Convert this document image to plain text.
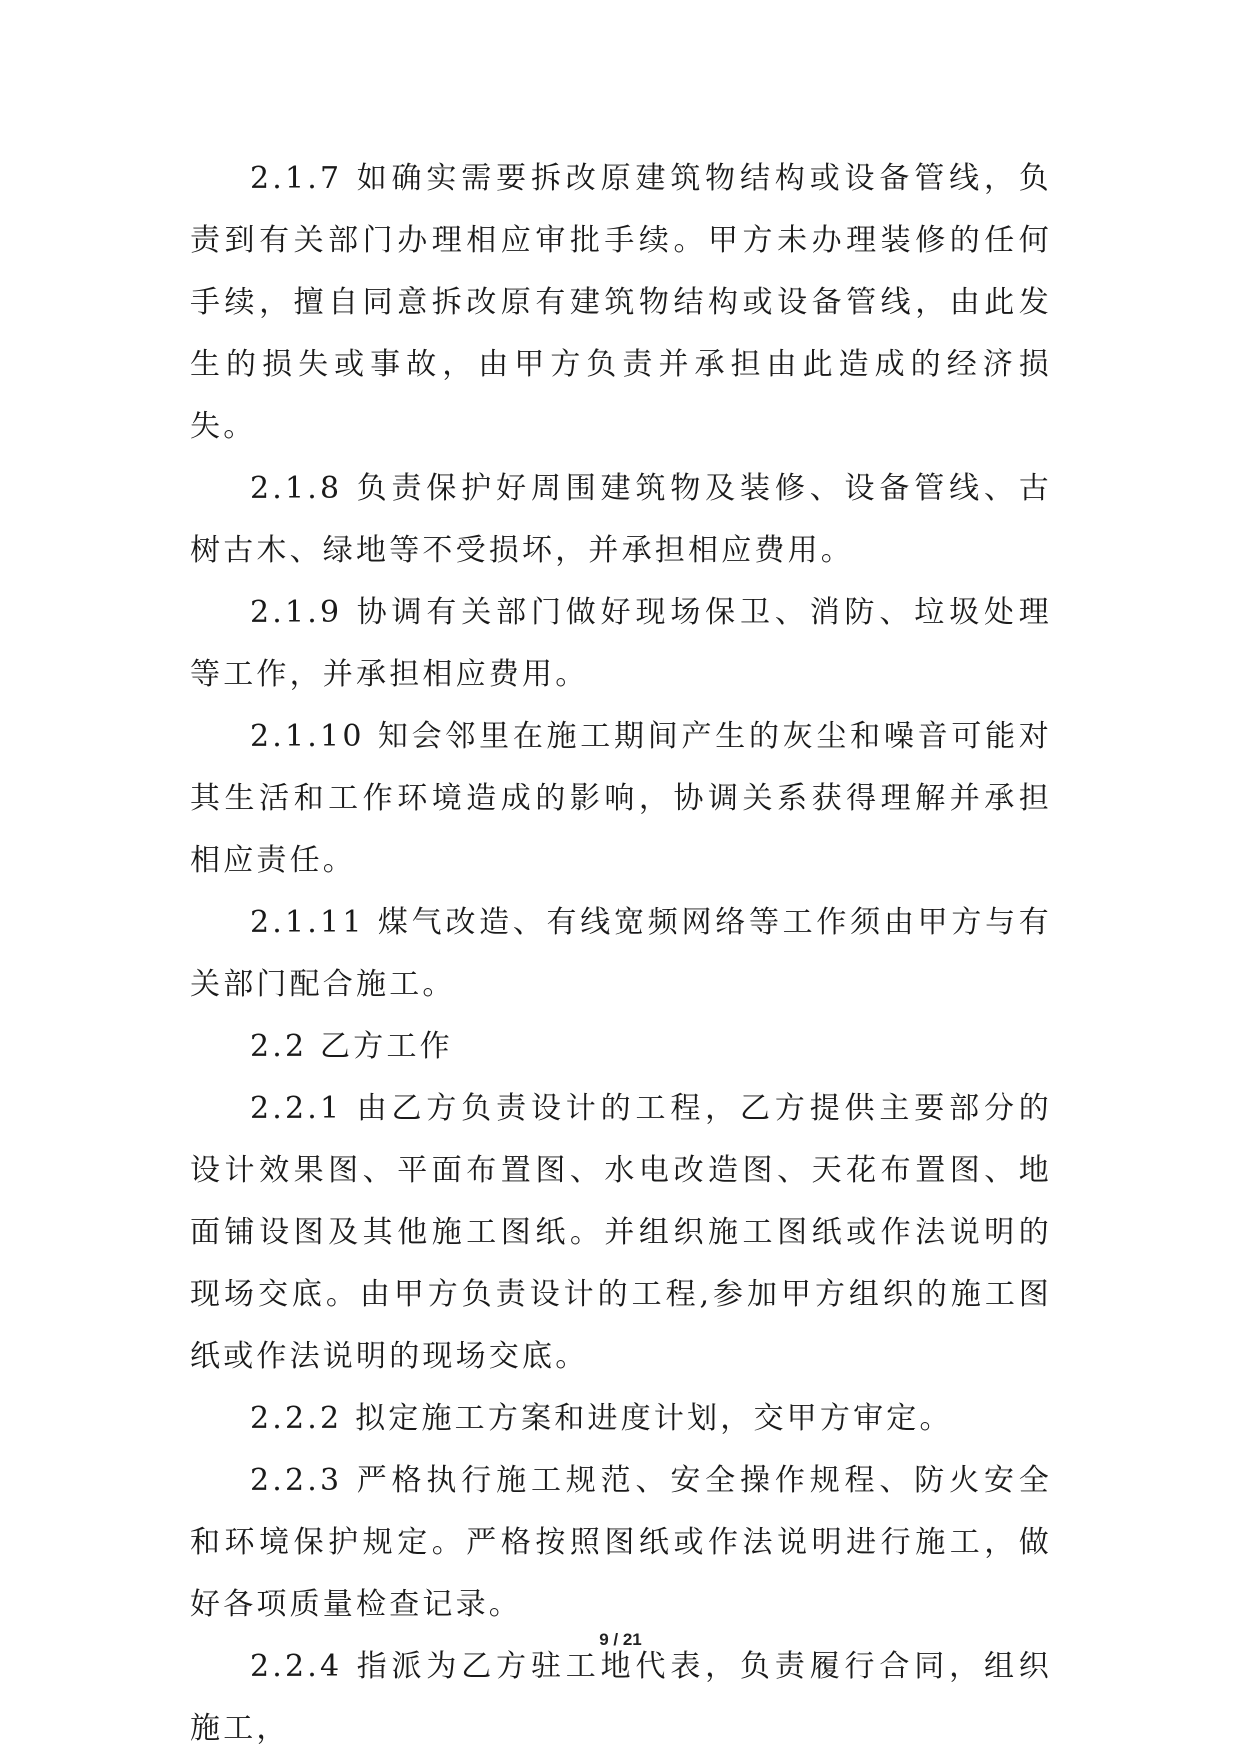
2.1.7 如确实需要拆改原建筑物结构或设备管线，负责到有关部门办理相应审批手续。甲方未办理装修的任何手续，擅自同意拆改原有建筑物结构或设备管线，由此发生的损失或事故，由甲方负责并承担由此造成的经济损失。

2.1.8 负责保护好周围建筑物及装修、设备管线、古树古木、绿地等不受损坏，并承担相应费用。

2.1.9 协调有关部门做好现场保卫、消防、垃圾处理等工作，并承担相应费用。

2.1.10 知会邻里在施工期间产生的灰尘和噪音可能对其生活和工作环境造成的影响，协调关系获得理解并承担相应责任。

2.1.11 煤气改造、有线宽频网络等工作须由甲方与有关部门配合施工。

2.2 乙方工作

2.2.1 由乙方负责设计的工程，乙方提供主要部分的设计效果图、平面布置图、水电改造图、天花布置图、地面铺设图及其他施工图纸。并组织施工图纸或作法说明的现场交底。由甲方负责设计的工程,参加甲方组织的施工图纸或作法说明的现场交底。

2.2.2 拟定施工方案和进度计划，交甲方审定。

2.2.3 严格执行施工规范、安全操作规程、防火安全和环境保护规定。严格按照图纸或作法说明进行施工，做好各项质量检查记录。

2.2.4 指派为乙方驻工地代表，负责履行合同，组织施工，

9 / 21
